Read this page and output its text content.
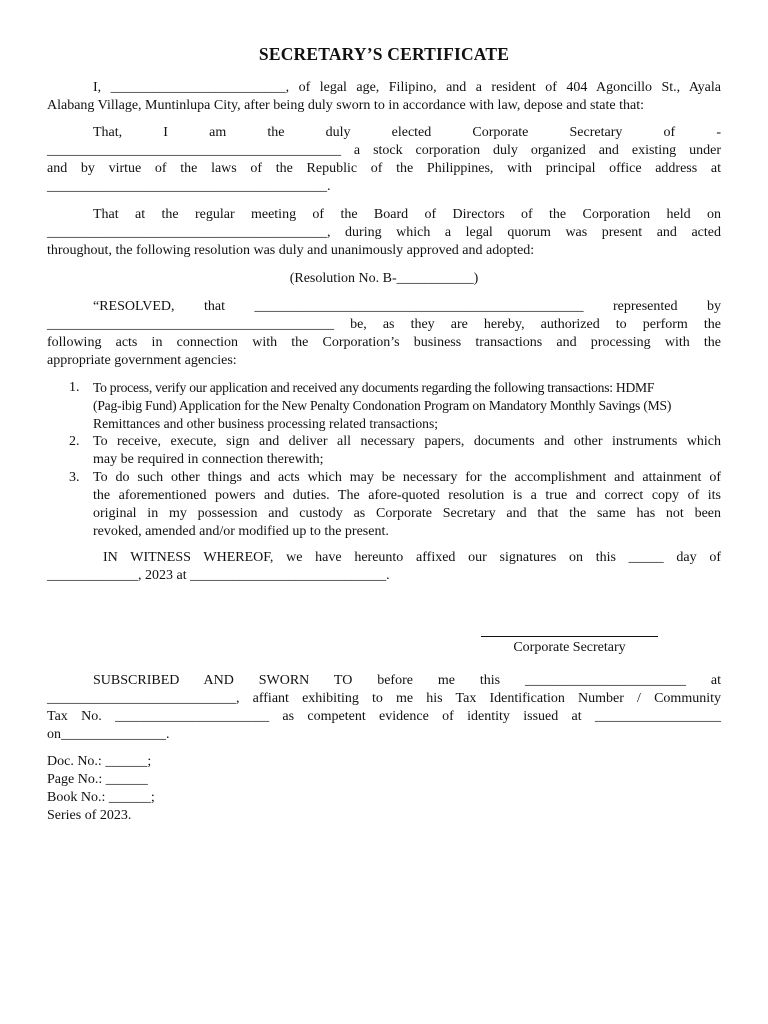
SECRETARY’S CERTIFICATE
I, _________________________, of legal age, Filipino, and a resident of 404 Agoncillo St., Ayala
Alabang Village, Muntinlupa City, after being duly sworn to in accordance with law, depose and state that:
That, I am the duly elected Corporate Secretary of -
__________________________________________ a stock corporation duly organized and existing under
and by virtue of the laws of the Republic of the Philippines, with principal office address at
________________________________________.
That at the regular meeting of the Board of Directors of the Corporation held on
________________________________________, during which a legal quorum was present and acted
throughout, the following resolution was duly and unanimously approved and adopted:
(Resolution No. B-___________)
“RESOLVED, that _______________________________________________ represented by
_________________________________________ be, as they are hereby, authorized to perform the
following acts in connection with the Corporation’s business transactions and processing with the
appropriate government agencies:
1. To process, verify our application and received any documents regarding the following transactions: HDMF
(Pag-ibig Fund) Application for the New Penalty Condonation Program on Mandatory Monthly Savings (MS)
Remittances and other business processing related transactions;
2. To receive, execute, sign and deliver all necessary papers, documents and other instruments which
may be required in connection therewith;
3. To do such other things and acts which may be necessary for the accomplishment and attainment of
the aforementioned powers and duties. The afore-quoted resolution is a true and correct copy of its
original in my possession and custody as Corporate Secretary and that the same has not been
revoked, amended and/or modified up to the present.
IN WITNESS WHEREOF, we have hereunto affixed our signatures on this _____ day of
_____________, 2023 at ____________________________.
Corporate Secretary
SUBSCRIBED AND SWORN TO before me this _______________________ at
___________________________, affiant exhibiting to me his Tax Identification Number / Community
Tax No. ______________________ as competent evidence of identity issued at __________________
on_______________.
Doc. No.: ______;
Page No.: ______
Book No.: ______;
Series of 2023.
